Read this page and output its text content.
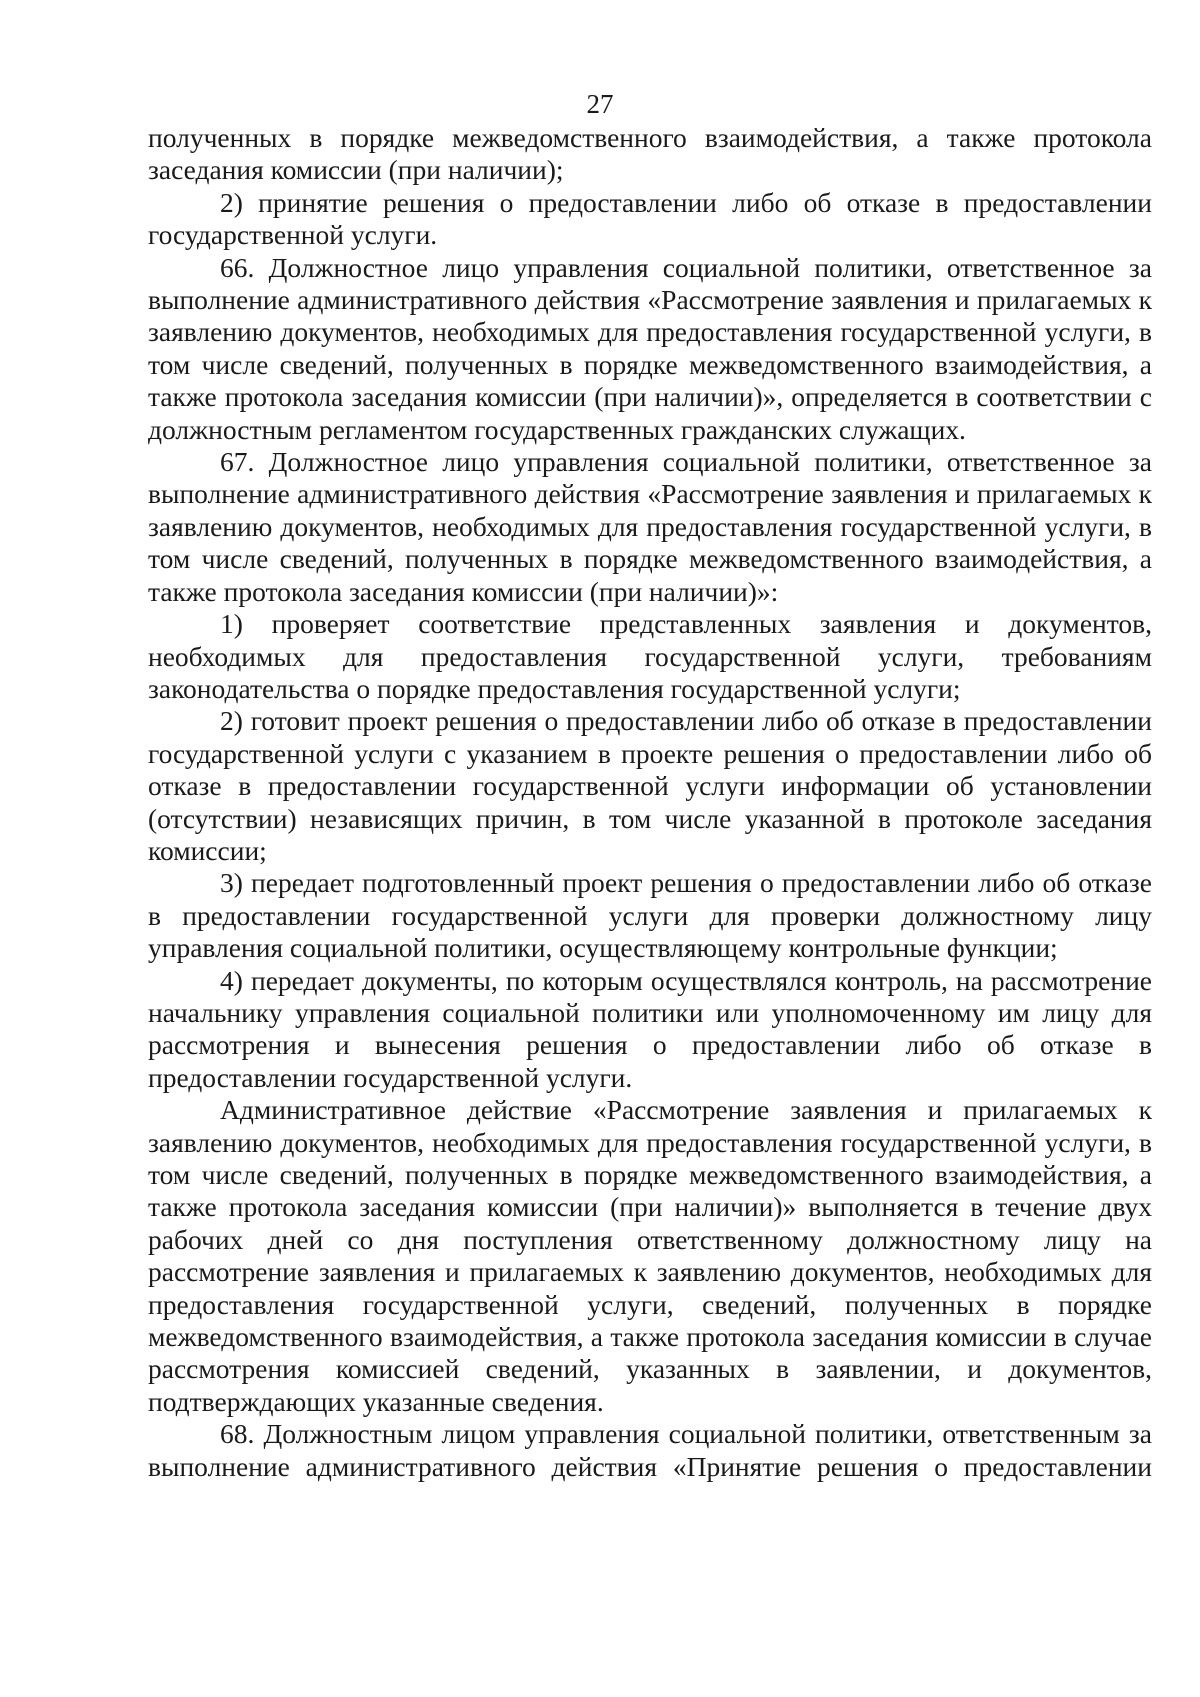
27

полученных в порядке межведомственного взаимодействия, а также протокола заседания комиссии (при наличии);

2) принятие решения о предоставлении либо об отказе в предоставлении государственной услуги.

66. Должностное лицо управления социальной политики, ответственное за выполнение административного действия «Рассмотрение заявления и прилагаемых к заявлению документов, необходимых для предоставления государственной услуги, в том числе сведений, полученных в порядке межведомственного взаимодействия, а также протокола заседания комиссии (при наличии)», определяется в соответствии с должностным регламентом государственных гражданских служащих.

67. Должностное лицо управления социальной политики, ответственное за выполнение административного действия «Рассмотрение заявления и прилагаемых к заявлению документов, необходимых для предоставления государственной услуги, в том числе сведений, полученных в порядке межведомственного взаимодействия, а также протокола заседания комиссии (при наличии)»:

1) проверяет соответствие представленных заявления и документов, необходимых для предоставления государственной услуги, требованиям законодательства о порядке предоставления государственной услуги;

2) готовит проект решения о предоставлении либо об отказе в предоставлении государственной услуги с указанием в проекте решения о предоставлении либо об отказе в предоставлении государственной услуги информации об установлении (отсутствии) независящих причин, в том числе указанной в протоколе заседания комиссии;

3) передает подготовленный проект решения о предоставлении либо об отказе в предоставлении государственной услуги для проверки должностному лицу управления социальной политики, осуществляющему контрольные функции;

4) передает документы, по которым осуществлялся контроль, на рассмотрение начальнику управления социальной политики или уполномоченному им лицу для рассмотрения и вынесения решения о предоставлении либо об отказе в предоставлении государственной услуги.

Административное действие «Рассмотрение заявления и прилагаемых к заявлению документов, необходимых для предоставления государственной услуги, в том числе сведений, полученных в порядке межведомственного взаимодействия, а также протокола заседания комиссии (при наличии)» выполняется в течение двух рабочих дней со дня поступления ответственному должностному лицу на рассмотрение заявления и прилагаемых к заявлению документов, необходимых для предоставления государственной услуги, сведений, полученных в порядке межведомственного взаимодействия, а также протокола заседания комиссии в случае рассмотрения комиссией сведений, указанных в заявлении, и документов, подтверждающих указанные сведения.

68. Должностным лицом управления социальной политики, ответственным за выполнение административного действия «Принятие решения о предоставлении
